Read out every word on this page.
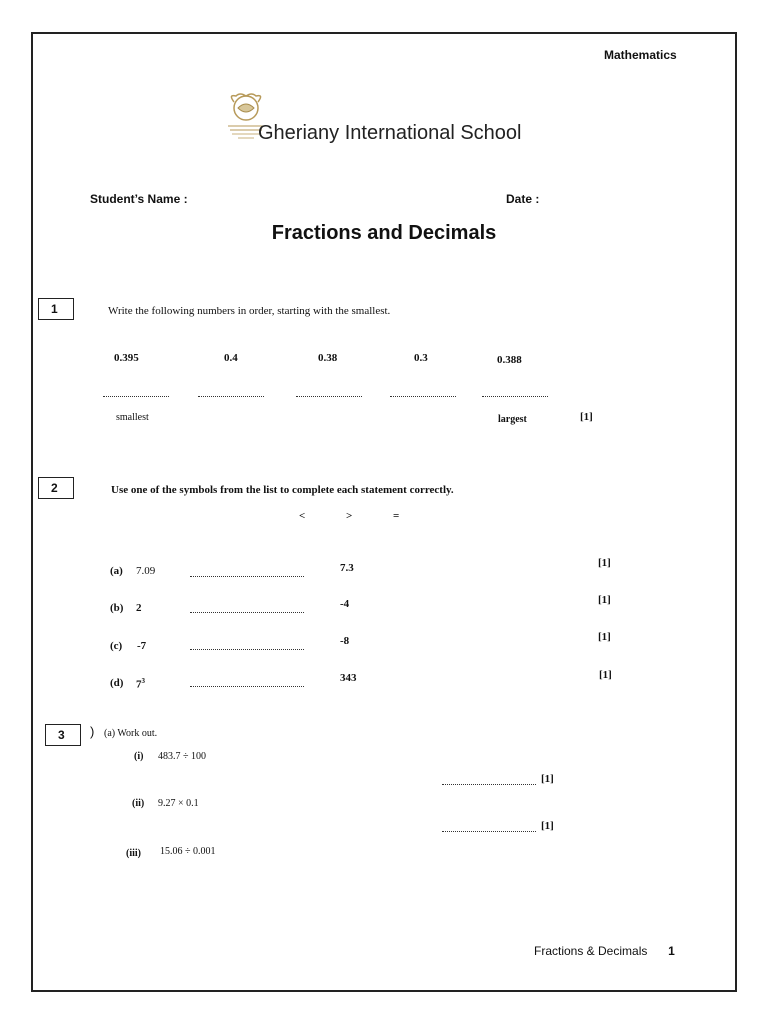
Mathematics
Gheriany International School
Student’s Name :	Date :
Fractions and Decimals
1	Write the following numbers in order, starting with the smallest.
0.395	0.4	0.38	0.3	0.388
smallest	largest	[1]
2	Use one of the symbols from the list to complete each statement correctly.
<	>	=
(a) 7.09	7.3	[1]
(b) 2	-4	[1]
(c) -7	-8	[1]
(d) $7^3$	343	[1]
3	) (a) Work out.
(i) 483.7 ÷ 100
[1]
(ii) 9.27 × 0.1
[1]
(iii) 15.06 ÷ 0.001
Fractions & Decimals 1
